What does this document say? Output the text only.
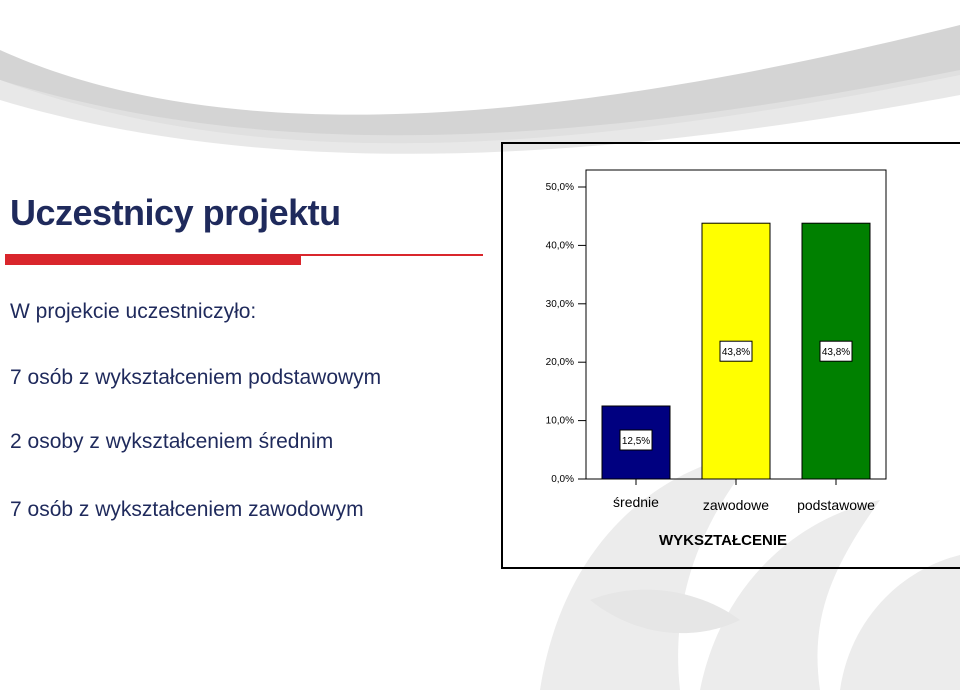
Uczestnicy projektu
W projekcie uczestniczyło:
7 osób z wykształceniem podstawowym
2 osoby z wykształceniem średnim
7 osób z wykształceniem zawodowym
0,0%
10,0%
20,0%
30,0%
40,0%
50,0%
12,5%
średnie
43,8%
zawodowe
43,8%
podstawowe
WYKSZTAŁCENIE
